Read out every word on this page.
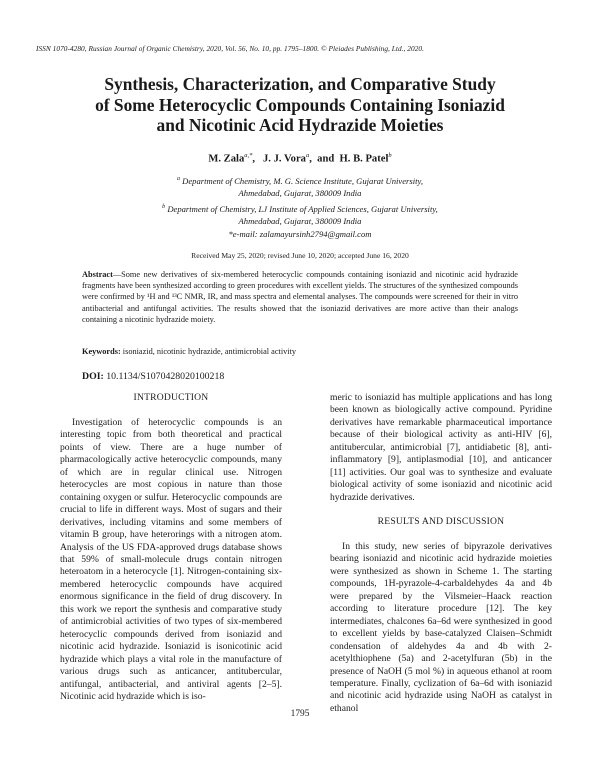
ISSN 1070-4280, Russian Journal of Organic Chemistry, 2020, Vol. 56, No. 10, pp. 1795–1800. © Pleiades Publishing, Ltd., 2020.
Synthesis, Characterization, and Comparative Study
of Some Heterocyclic Compounds Containing Isoniazid
and Nicotinic Acid Hydrazide Moieties
M. Zala$^{a,*}$,   J. J. Vora$^a$,  and  H. B. Patel$^b$
$^a$ Department of Chemistry, M. G. Science Institute, Gujarat University,
Ahmedabad, Gujarat, 380009 India
$^b$ Department of Chemistry, LJ Institute of Applied Sciences, Gujarat University,
Ahmedabad, Gujarat, 380009 India
*e-mail: zalamayursinh2794@gmail.com
Received May 25, 2020; revised June 10, 2020; accepted June 16, 2020
Abstract—Some new derivatives of six-membered heterocyclic compounds containing isoniazid and nicotinic acid hydrazide fragments have been synthesized according to green procedures with excellent yields. The structures of the synthesized compounds were confirmed by ¹H and ¹³C NMR, IR, and mass spectra and elemental analyses. The compounds were screened for their in vitro antibacterial and antifungal activities. The results showed that the isoniazid derivatives are more active than their analogs containing a nicotinic hydrazide moiety.
Keywords: isoniazid, nicotinic hydrazide, antimicrobial activity
DOI: 10.1134/S1070428020100218
INTRODUCTION
Investigation of heterocyclic compounds is an interesting topic from both theoretical and practical points of view. There are a huge number of pharmacologically active heterocyclic compounds, many of which are in regular clinical use. Nitrogen heterocycles are most copious in nature than those containing oxygen or sulfur. Heterocyclic compounds are crucial to life in different ways. Most of sugars and their derivatives, including vitamins and some members of vitamin B group, have heterorings with a nitrogen atom. Analysis of the US FDA-approved drugs database shows that 59% of small-molecule drugs contain nitrogen heteroatom in a heterocycle [1]. Nitrogen-containing six-membered heterocyclic compounds have acquired enormous significance in the field of drug discovery. In this work we report the synthesis and comparative study of antimicrobial activities of two types of six-membered heterocyclic compounds derived from isoniazid and nicotinic acid hydrazide. Isoniazid is isonicotinic acid hydrazide which plays a vital role in the manufacture of various drugs such as anticancer, antitubercular, antifungal, antibacterial, and antiviral agents [2–5]. Nicotinic acid hydrazide which is iso-
meric to isoniazid has multiple applications and has long been known as biologically active compound. Pyridine derivatives have remarkable pharmaceutical importance because of their biological activity as anti-HIV [6], antitubercular, antimicrobial [7], antidiabetic [8], anti-inflammatory [9], antiplasmodial [10], and anticancer [11] activities. Our goal was to synthesize and evaluate biological activity of some isoniazid and nicotinic acid hydrazide derivatives.
RESULTS AND DISCUSSION
In this study, new series of bipyrazole derivatives bearing isoniazid and nicotinic acid hydrazide moieties were synthesized as shown in Scheme 1. The starting compounds, 1H-pyrazole-4-carbaldehydes 4a and 4b were prepared by the Vilsmeier–Haack reaction according to literature procedure [12]. The key intermediates, chalcones 6a–6d were synthesized in good to excellent yields by base-catalyzed Claisen–Schmidt condensation of aldehydes 4a and 4b with 2-acetylthiophene (5a) and 2-acetylfuran (5b) in the presence of NaOH (5 mol %) in aqueous ethanol at room temperature. Finally, cyclization of 6a–6d with isoniazid and nicotinic acid hydrazide using NaOH as catalyst in ethanol
1795
